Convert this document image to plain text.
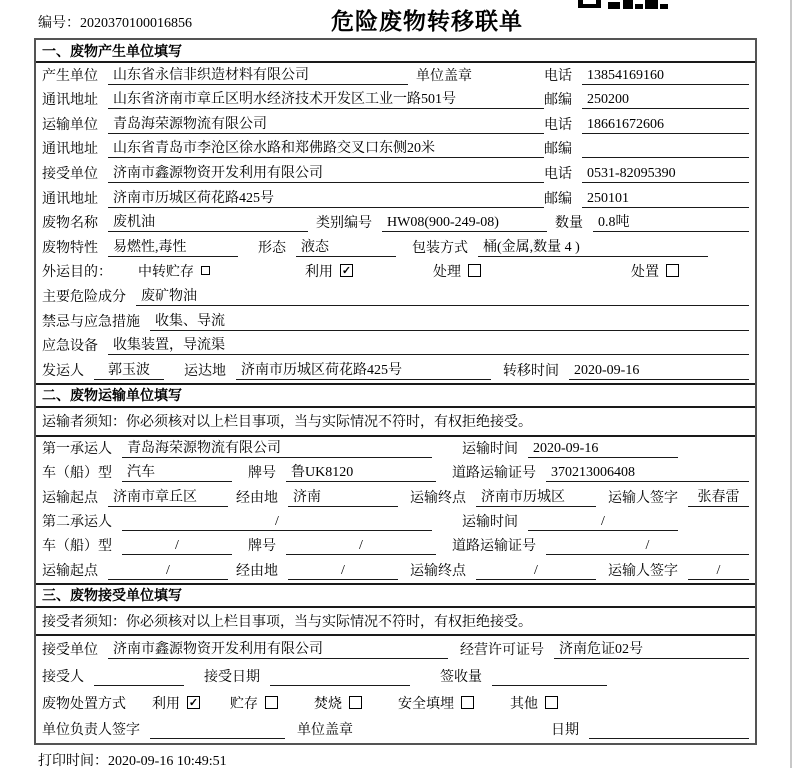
编号：2020370100016856	危险废物转移联单
一、废物产生单位填写
产生单位	山东省永信非织造材料有限公司	单位盖章	电话	13854169160
通讯地址	山东省济南市章丘区明水经济技术开发区工业一路501号	邮编	250200
运输单位	青岛海荣源物流有限公司	电话	18661672606
通讯地址	山东省青岛市李沧区徐水路和郑佛路交叉口东侧20米	邮编
接受单位	济南市鑫源物资开发利用有限公司	电话	0531-82095390
通讯地址	济南市历城区荷花路425号	邮编	250101
废物名称	废机油	类别编号	HW08(900-249-08)	数量	0.8吨
废物特性	易燃性,毒性	形态	液态	包装方式	桶(金属,数量 4 )
外运目的： 中转贮存	利用 ✓	处理	处置
主要危险成分	废矿物油
禁忌与应急措施	收集、导流
应急设备	收集装置，导流渠
发运人	郭玉波	运达地	济南市历城区荷花路425号	转移时间	2020-09-16
二、废物运输单位填写
运输者须知：你必须核对以上栏目事项，当与实际情况不符时，有权拒绝接受。
第一承运人	青岛海荣源物流有限公司	运输时间	2020-09-16
车（船）型	汽车	牌号	鲁UK8120	道路运输证号	370213006408
运输起点	济南市章丘区	经由地	济南	运输终点	济南市历城区	运输人签字	张春雷
第二承运人	/	运输时间	/
车（船）型	/	牌号	/	道路运输证号	/
运输起点	/	经由地	/	运输终点	/	运输人签字	/
三、废物接受单位填写
接受者须知：你必须核对以上栏目事项，当与实际情况不符时，有权拒绝接受。
接受单位	济南市鑫源物资开发利用有限公司	经营许可证号	济南危证02号
接受人	接受日期	签收量
废物处置方式 利用 ✓ 贮存	焚烧	安全填埋	其他
单位负责人签字	单位盖章	日期
打印时间：2020-09-16 10:49:51
